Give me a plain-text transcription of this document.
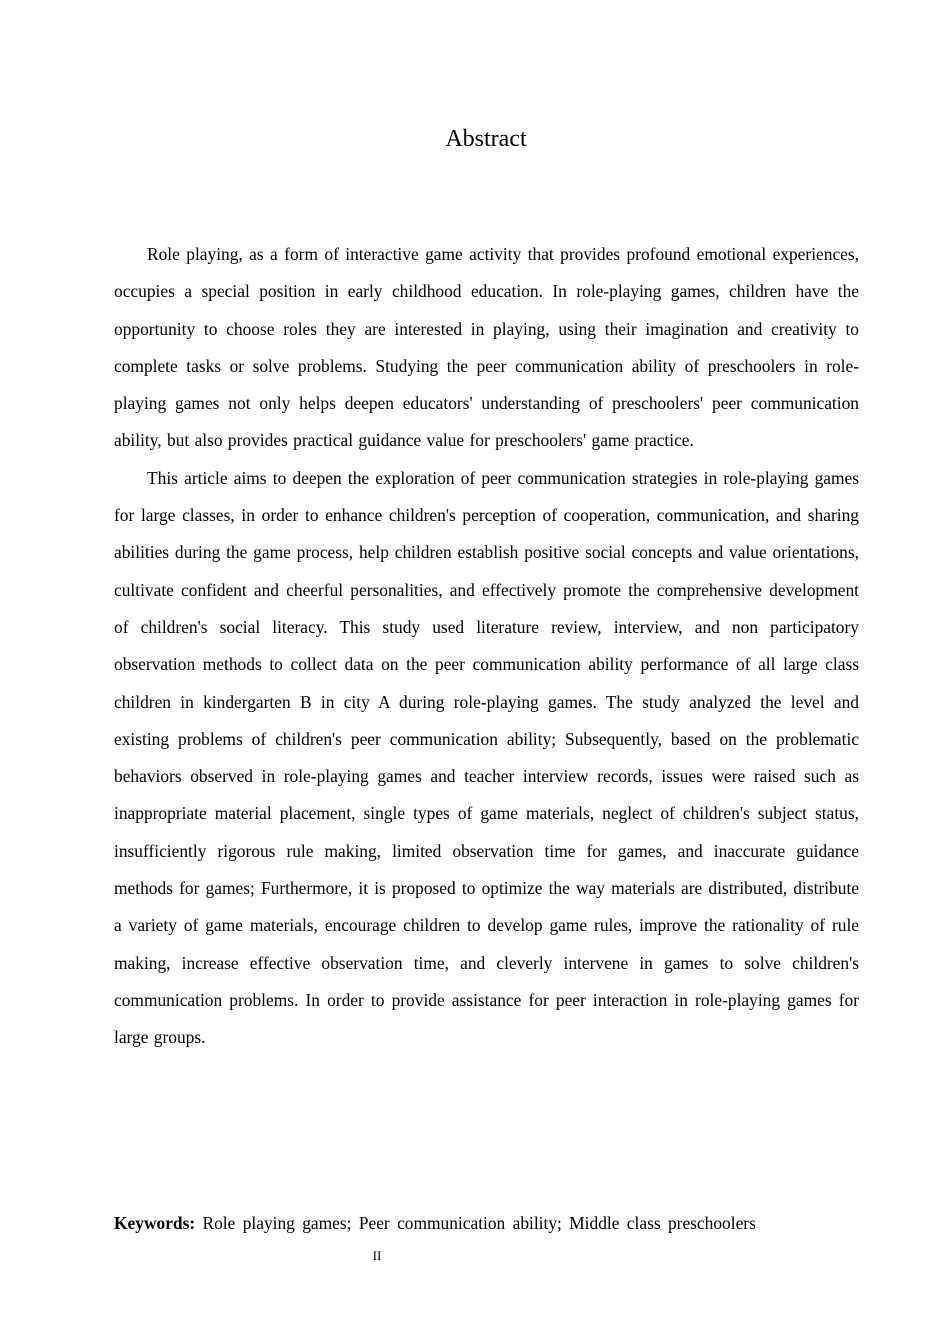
Abstract

Role playing, as a form of interactive game activity that provides profound emotional experiences, occupies a special position in early childhood education. In role-playing games, children have the opportunity to choose roles they are interested in playing, using their imagination and creativity to complete tasks or solve problems. Studying the peer communication ability of preschoolers in role-playing games not only helps deepen educators' understanding of preschoolers' peer communication ability, but also provides practical guidance value for preschoolers' game practice.

This article aims to deepen the exploration of peer communication strategies in role-playing games for large classes, in order to enhance children's perception of cooperation, communication, and sharing abilities during the game process, help children establish positive social concepts and value orientations, cultivate confident and cheerful personalities, and effectively promote the comprehensive development of children's social literacy. This study used literature review, interview, and non participatory observation methods to collect data on the peer communication ability performance of all large class children in kindergarten B in city A during role-playing games. The study analyzed the level and existing problems of children's peer communication ability; Subsequently, based on the problematic behaviors observed in role-playing games and teacher interview records, issues were raised such as inappropriate material placement, single types of game materials, neglect of children's subject status, insufficiently rigorous rule making, limited observation time for games, and inaccurate guidance methods for games; Furthermore, it is proposed to optimize the way materials are distributed, distribute a variety of game materials, encourage children to develop game rules, improve the rationality of rule making, increase effective observation time, and cleverly intervene in games to solve children's communication problems. In order to provide assistance for peer interaction in role-playing games for large groups.

Keywords: Role playing games; Peer communication ability; Middle class preschoolers

II
